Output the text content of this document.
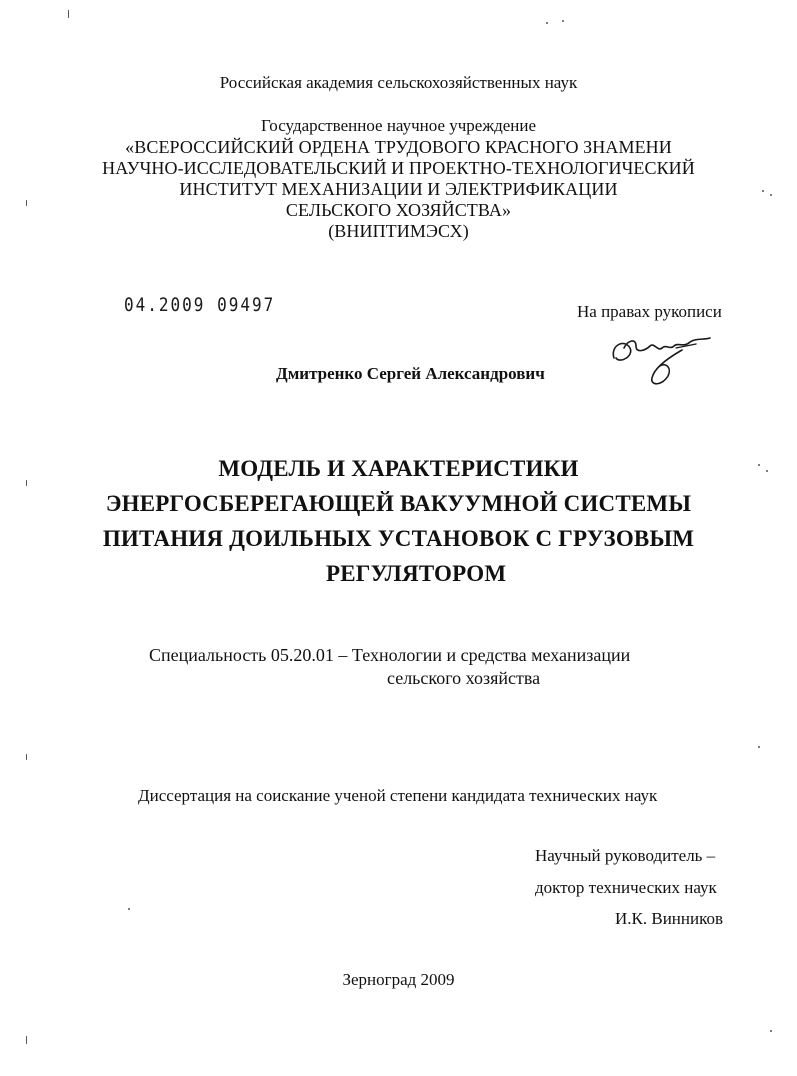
Российская академия сельскохозяйственных наук
Государственное научное учреждение
«ВСЕРОССИЙСКИЙ ОРДЕНА ТРУДОВОГО КРАСНОГО ЗНАМЕНИ
НАУЧНО-ИССЛЕДОВАТЕЛЬСКИЙ И ПРОЕКТНО-ТЕХНОЛОГИЧЕСКИЙ
ИНСТИТУТ МЕХАНИЗАЦИИ И ЭЛЕКТРИФИКАЦИИ
СЕЛЬСКОГО ХОЗЯЙСТВА»
(ВНИПТИМЭСХ)
04.2009 09497	На правах рукописи
Дмитренко Сергей Александрович
МОДЕЛЬ И ХАРАКТЕРИСТИКИ
ЭНЕРГОСБЕРЕГАЮЩЕЙ ВАКУУМНОЙ СИСТЕМЫ
ПИТАНИЯ ДОИЛЬНЫХ УСТАНОВОК С ГРУЗОВЫМ
РЕГУЛЯТОРОМ
Специальность 05.20.01 – Технологии и средства механизации
сельского хозяйства
Диссертация на соискание ученой степени кандидата технических наук
Научный руководитель –
доктор технических наук
И.К. Винников
Зерноград 2009
